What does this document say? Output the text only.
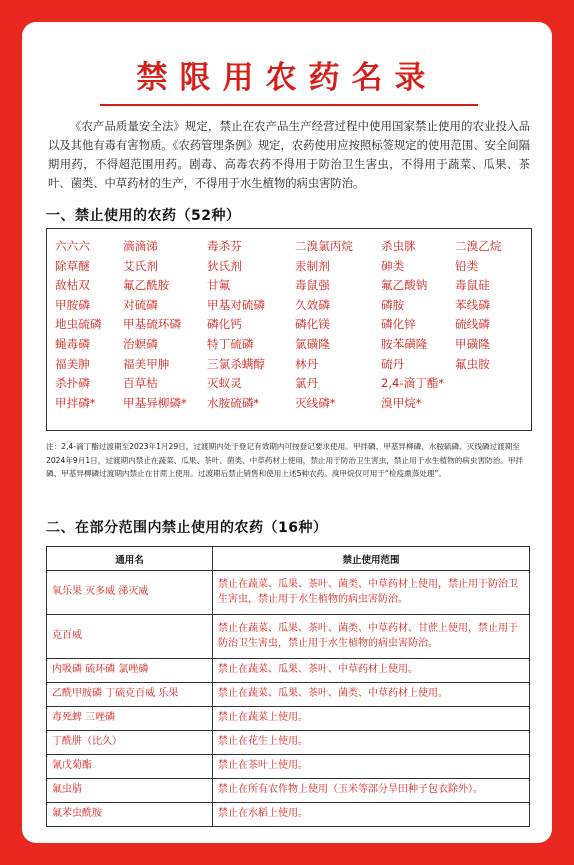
禁限用农药名录
《农产品质量安全法》规定，禁止在农产品生产经营过程中使用国家禁止使用的农业投入品以及其他有毒有害物质。《农药管理条例》规定，农药使用应按照标签规定的使用范围、安全间隔期用药，不得超范围用药。剧毒、高毒农药不得用于防治卫生害虫，不得用于蔬菜、瓜果、茶叶、菌类、中草药材的生产，不得用于水生植物的病虫害防治。
一、禁止使用的农药（52种）
六六六	滴滴涕	毒杀芬	二溴氯丙烷	杀虫脒	二溴乙烷
除草醚	艾氏剂	狄氏剂	汞制剂	砷类	铅类
敌枯双	氟乙酰胺	甘氟	毒鼠强	氟乙酸钠	毒鼠硅
甲胺磷	对硫磷	甲基对硫磷	久效磷	磷胺	苯线磷
地虫硫磷	甲基硫环磷	磷化钙	磷化镁	磷化锌	硫线磷
蝇毒磷	治螟磷	特丁硫磷	氯磺隆	胺苯磺隆	甲磺隆
福美胂	福美甲胂	三氯杀螨醇	林丹	硫丹	氟虫胺
杀扑磷	百草枯	灭蚁灵	氯丹	2,4-滴丁酯*
甲拌磷*	甲基异柳磷*	水胺硫磷*	灭线磷*	溴甲烷*
注：2,4-滴丁酯过渡期至2023年1月29日，过渡期内处于登记有效期内可按登记要求使用。甲拌磷、甲基异柳磷、水胺硫磷、灭线磷过渡期至2024年9月1日，过渡期内禁止在蔬菜、瓜果、茶叶、菌类、中草药材上使用，禁止用于防治卫生害虫，禁止用于水生植物的病虫害防治。甲拌磷、甲基异柳磷过渡期内禁止在甘蔗上使用。过渡期后禁止销售和使用上述5种农药。溴甲烷仅可用于“检疫熏蒸处理”。
二、在部分范围内禁止使用的农药（16种）
通用名	禁止使用范围
氧乐果 灭多威 涕灭威	禁止在蔬菜、瓜果、茶叶、菌类、中草药材上使用，禁止用于防治卫生害虫，禁止用于水生植物的病虫害防治。
克百威	禁止在蔬菜、瓜果、茶叶、菌类、中草药材、甘蔗上使用，禁止用于防治卫生害虫，禁止用于水生植物的病虫害防治。
内吸磷 硫环磷 氯唑磷	禁止在蔬菜、瓜果、茶叶、中草药材上使用。
乙酰甲胺磷 丁硫克百威 乐果	禁止在蔬菜、瓜果、茶叶、菌类、中草药材上使用。
毒死蜱 三唑磷	禁止在蔬菜上使用。
丁酰肼（比久）	禁止在花生上使用。
氰戊菊酯	禁止在茶叶上使用。
氟虫腈	禁止在所有农作物上使用（玉米等部分旱田种子包衣除外）。
氟苯虫酰胺	禁止在水稻上使用。
